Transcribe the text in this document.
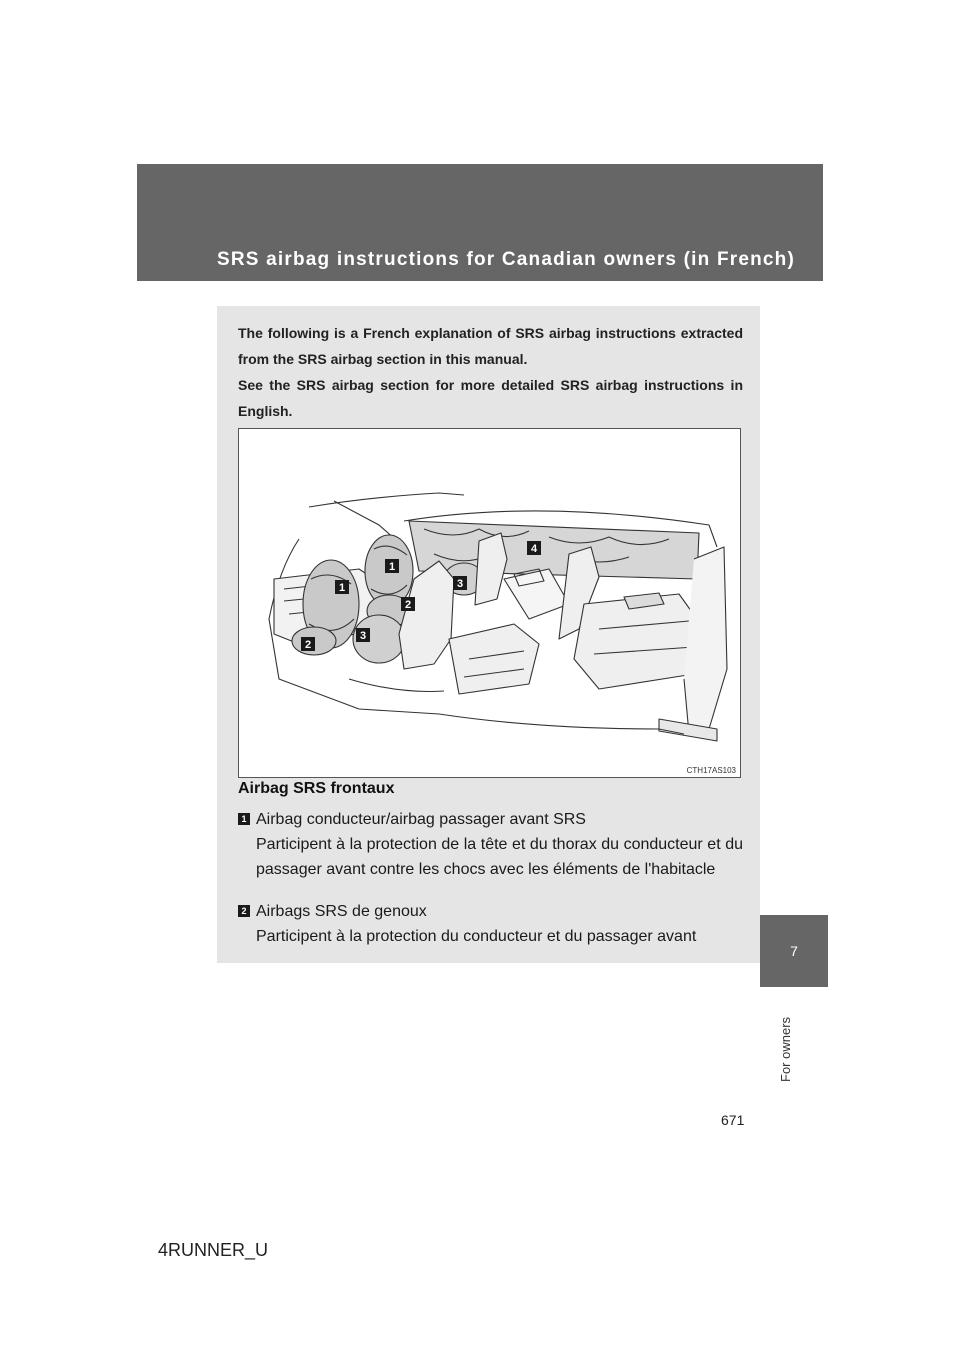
SRS airbag instructions for Canadian owners (in French)
7
For owners

The following is a French explanation of SRS airbag instructions extracted from the SRS airbag section in this manual.

See the SRS airbag section for more detailed SRS airbag instructions in English.

1
1
2
2
3
3
4
CTH17AS103
Airbag SRS frontaux
1 Airbag conducteur/airbag passager avant SRS
Participent à la protection de la tête et du thorax du conducteur et du passager avant contre les chocs avec les éléments de l'habitacle
2 Airbags SRS de genoux
Participent à la protection du conducteur et du passager avant
671
4RUNNER_U
